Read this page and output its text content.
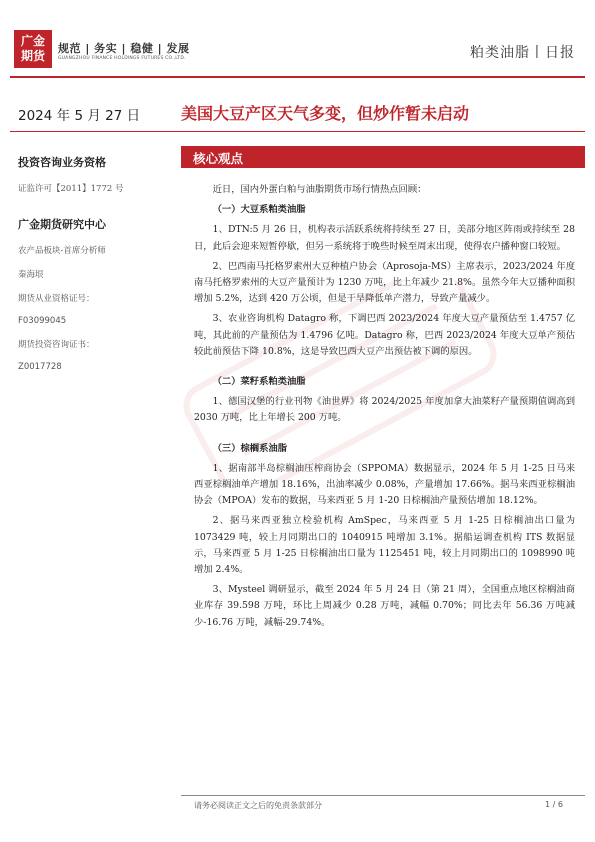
广金
期货
规范 | 务实 | 稳健 | 发展
GUANGZHOU FINANCE HOLDINGS FUTURES CO.,LTD.	粕类油脂丨日报
2024 年 5 月 27 日	美国大豆产区天气多变，但炒作暂未启动
投资咨询业务资格
证监许可【2011】1772 号
广金期货研究中心
农产品板块-首席分析师
秦海垠
期货从业资格证号：
F03099045
期货投资咨询证书：
Z0017728
核心观点

近日，国内外蛋白粕与油脂期货市场行情热点回顾：

（一）大豆系粕类油脂

1、DTN:5 月 26 日，机构表示活跃系统将持续至 27 日，美部分地区阵雨或持续至 28 日，此后会迎来短暂停歇，但另一系统将于晚些时候至周末出现，使得农户播种窗口较短。

2、巴西南马托格罗索州大豆种植户协会（Aprosoja-MS）主席表示，2023/2024 年度南马托格罗索州的大豆产量预计为 1230 万吨，比上年减少 21.8%。虽然今年大豆播种面积增加 5.2%，达到 420 万公顷，但是干旱降低单产潜力，导致产量减少。

3、农业咨询机构 Datagro 称，下调巴西 2023/2024 年度大豆产量预估至 1.4757 亿吨，其此前的产量预估为 1.4796 亿吨。Datagro 称，巴西 2023/2024 年度大豆单产预估较此前预估下降 10.8%，这是导致巴西大豆产出预估被下调的原因。

（二）菜籽系粕类油脂

1、德国汉堡的行业刊物《油世界》将 2024/2025 年度加拿大油菜籽产量预期值调高到 2030 万吨，比上年增长 200 万吨。

（三）棕榈系油脂

1、据南部半岛棕榈油压榨商协会（SPPOMA）数据显示，2024 年 5 月 1-25 日马来西亚棕榈油单产增加 18.16%，出油率减少 0.08%，产量增加 17.66%。据马来西亚棕榈油协会（MPOA）发布的数据，马来西亚 5 月 1-20 日棕榈油产量预估增加 18.12%。

2、据马来西亚独立检验机构 AmSpec，马来西亚 5 月 1-25 日棕榈油出口量为 1073429 吨，较上月同期出口的 1040915 吨增加 3.1%。据船运调查机构 ITS 数据显示，马来西亚 5 月 1-25 日棕榈油出口量为 1125451 吨，较上月同期出口的 1098990 吨增加 2.4%。

3、Mysteel 调研显示，截至 2024 年 5 月 24 日（第 21 周），全国重点地区棕榈油商业库存 39.598 万吨，环比上周减少 0.28 万吨，减幅 0.70%；同比去年 56.36 万吨减少-16.76 万吨，减幅-29.74%。

请务必阅读正文之后的免责条款部分	1 / 6
